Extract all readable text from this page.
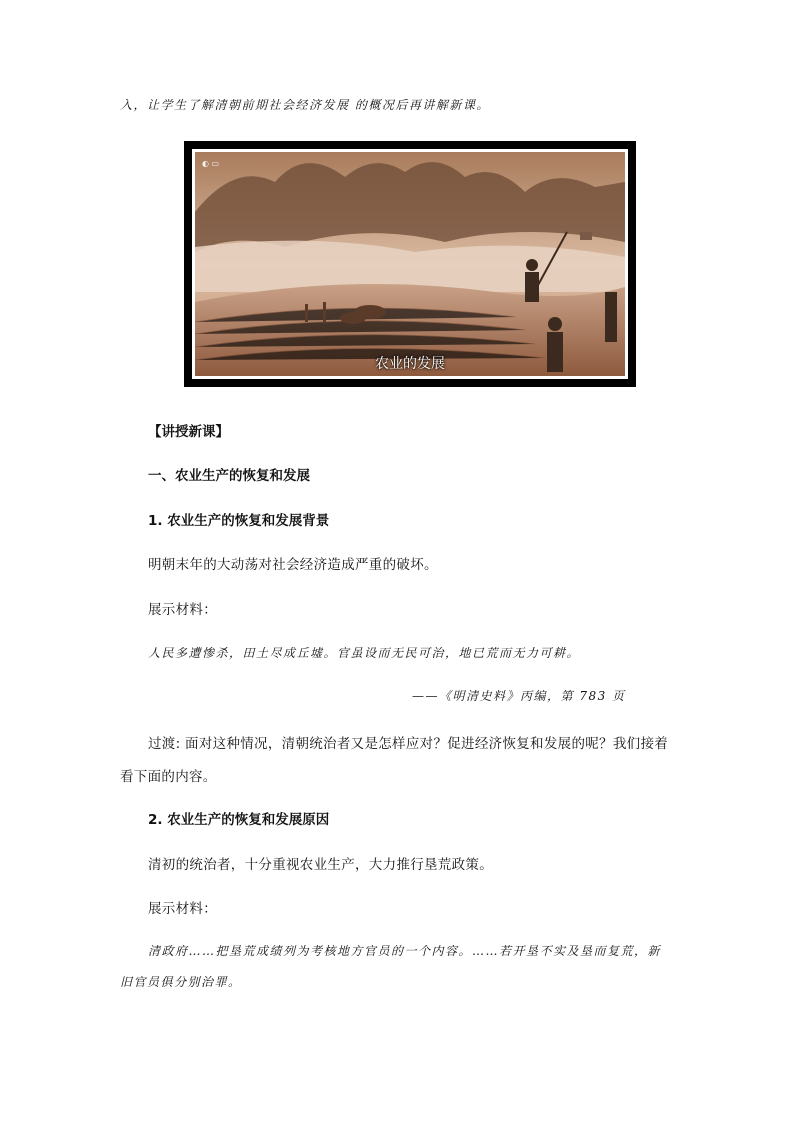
入，让学生了解清朝前期社会经济发展 的概况后再讲解新课。
◐ ▭
农业的发展
【讲授新课】
一、农业生产的恢复和发展
1. 农业生产的恢复和发展背景
明朝末年的大动荡对社会经济造成严重的破坏。
展示材料：
人民多遭惨杀，田土尽成丘墟。官虽设而无民可治，地已荒而无力可耕。
——《明清史料》丙编，第 783 页
过渡: 面对这种情况，清朝统治者又是怎样应对？促进经济恢复和发展的呢？我们接着
看下面的内容。
2. 农业生产的恢复和发展原因
清初的统治者，十分重视农业生产，大力推行垦荒政策。
展示材料：
清政府……把垦荒成绩列为考核地方官员的一个内容。……若开垦不实及垦而复荒，新
旧官员俱分别治罪。
